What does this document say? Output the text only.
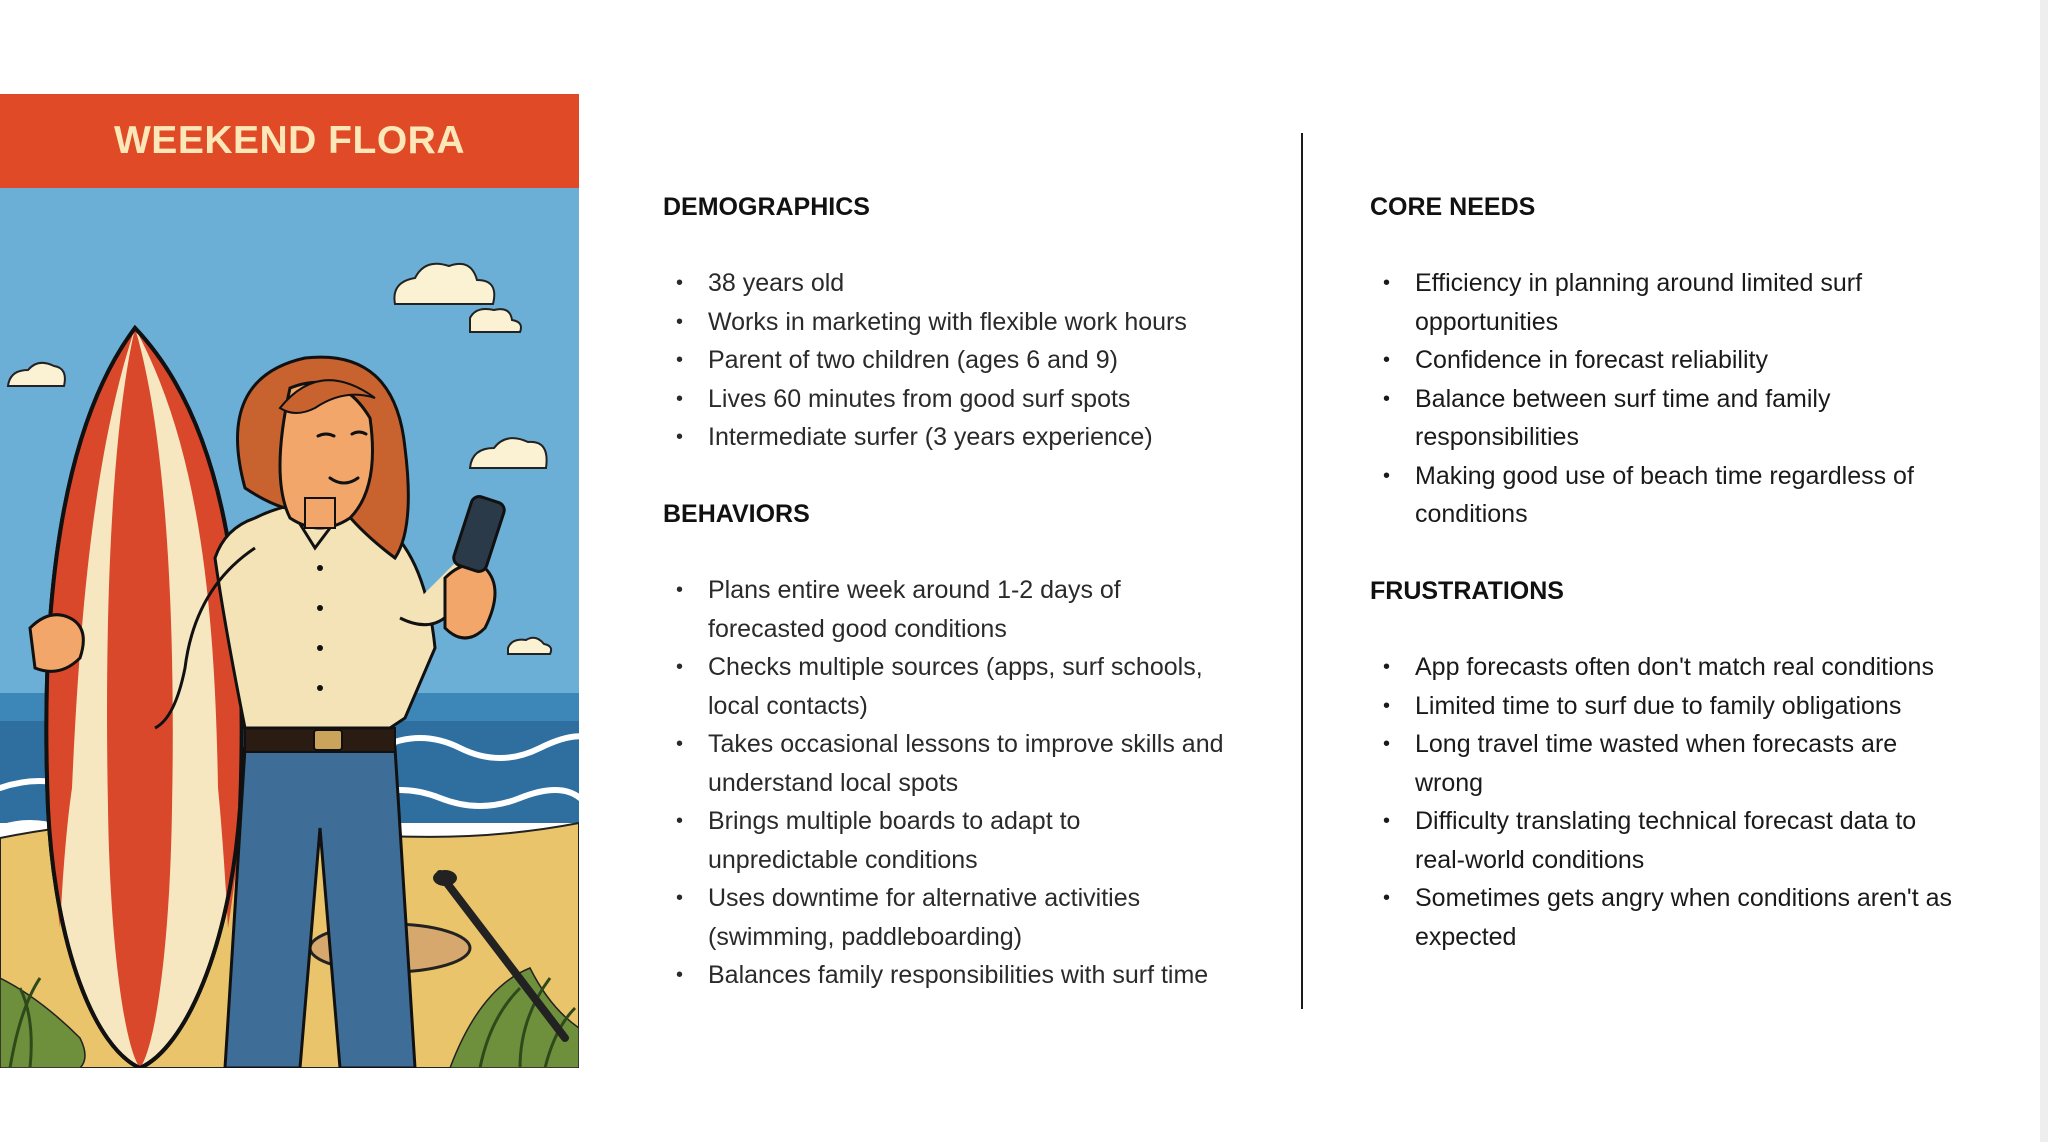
WEEKEND FLORA
DEMOGRAPHICS
• 38 years old
• Works in marketing with flexible work hours
• Parent of two children (ages 6 and 9)
• Lives 60 minutes from good surf spots
• Intermediate surfer (3 years experience)
BEHAVIORS
• Plans entire week around 1-2 days of forecasted good conditions
• Checks multiple sources (apps, surf schools, local contacts)
• Takes occasional lessons to improve skills and understand local spots
• Brings multiple boards to adapt to unpredictable conditions
• Uses downtime for alternative activities (swimming, paddleboarding)
• Balances family responsibilities with surf time
CORE NEEDS
• Efficiency in planning around limited surf opportunities
• Confidence in forecast reliability
• Balance between surf time and family responsibilities
• Making good use of beach time regardless of conditions
FRUSTRATIONS
• App forecasts often don't match real conditions
• Limited time to surf due to family obligations
• Long travel time wasted when forecasts are wrong
• Difficulty translating technical forecast data to real-world conditions
• Sometimes gets angry when conditions aren't as expected
